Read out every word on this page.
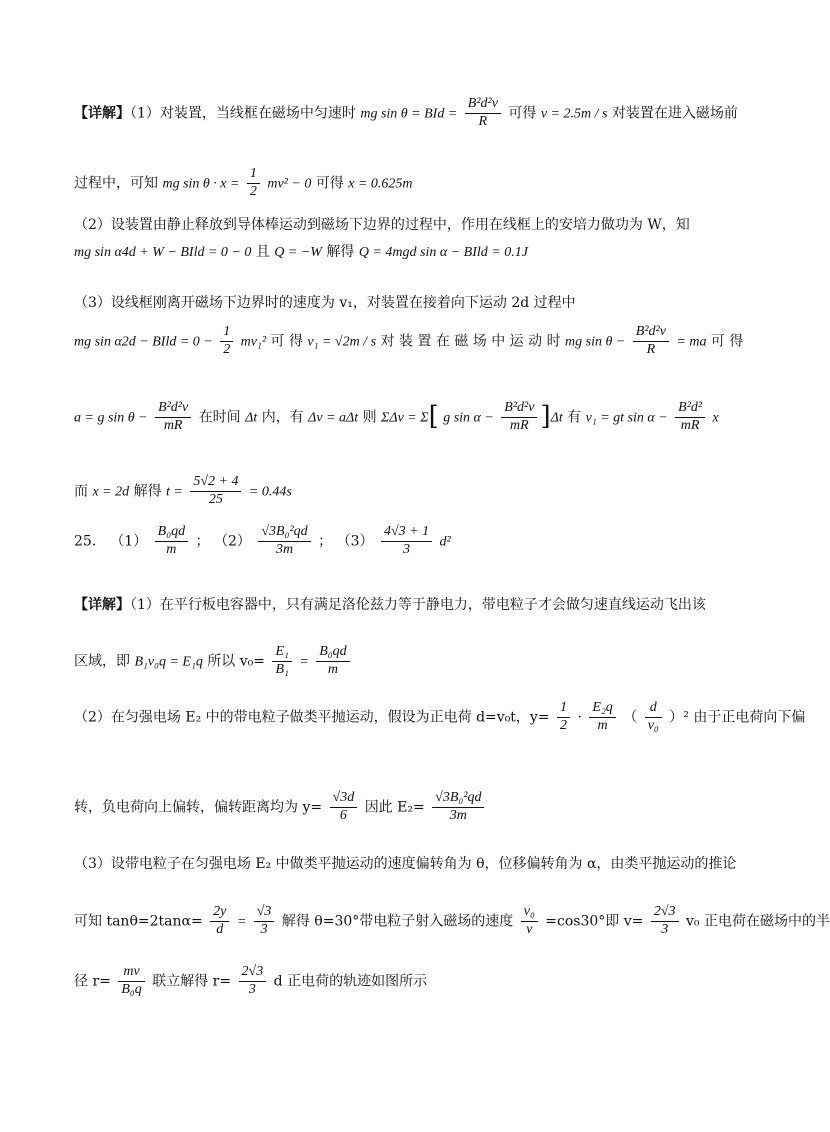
【详解】（1）对装置，当线框在磁场中匀速时 mg sin θ = BId = $\frac{\text{B²d²v}}{R}$ 可得 v = 2.5m / s 对装置在进入磁场前
过程中，可知 mg $\sin \theta \cdot x = \frac{1}{2} mv^2 - 0$ 可得 x = 0.625m
（2）设装置由静止释放到导体棒运动到磁场下边界的过程中，作用在线框上的安培力做功为 W，知
mg sin α4d + W − BIld = 0 − 0 且 Q = −W 解得 Q = 4mgd sin α − BIld = 0.1J
（3）设线框刚离开磁场下边界时的速度为 v₁，对装置在接着向下运动 2d 过程中
mg sin α2d − BIld = $0 - \frac{1}{2} mv_1^2$ 可 得 v₁ = √2m / s 对 装 置 在 磁 场 中 运 动 时 mg $\sin \theta - \frac{\text{B²d²v}}{R}$ = ma 可 得
a = g $\sin \theta - \frac{\text{B²d²v}}{mR}$ 在时间 Δt 内，有 Δv = aΔt 则 ΣΔv = Σ[ g $\sin \alpha - \frac{\text{B²d²v}}{mR} ]\Delta t$ 有 v₁ = gt $\sin \alpha - \frac{\text{B²d²}}{mR}$ x
而 x = 2d 解得 $t = \frac{5√2 + 4}{25} = 0.44s$
25． $(1) \frac{\text{B₀qd}}{m}$ ； $(2) \frac{\text{√3B₀²qd}}{3m}$ ； $(3) \frac{4√3 + 1}{3} d^2$
【详解】（1）在平行板电容器中，只有满足洛伦兹力等于静电力，带电粒子才会做匀速直线运动飞出该
区域，即 B₁v₀q = E₁q 所以 $v_0= \frac{\text{E₁}}{\text{B₁}} = \frac{\text{B₀qd}}{m}$
（2）在匀强电场 E₂ 中的带电粒子做类平抛运动，假设为正电荷 d=v₀t，$y= \frac{1}{2} \cdot \frac{\text{E₂q}}{m}$ （ $\frac{d}{\text{v₀}} )^2$ 由于正电荷向下偏
转，负电荷向上偏转，偏转距离均为 $y= \frac{√3d}{6}$ 因此 $E_2= \frac{\text{√3B₀²qd}}{3m}$
（3）设带电粒子在匀强电场 E₂ 中做类平抛运动的速度偏转角为 θ，位移偏转角为 α，由类平抛运动的推论
可知 $\tan\theta=2\tan\alpha= \frac{2y}{d} = \frac{√3}{3}$ 解得 θ=30°带电粒子射入磁场的速度 $\frac{\text{v₀}}{v} =\cos 30^\circ$即 $v= \frac{2√3}{3} v_0$ 正电荷在磁场中的半
径 $r= \frac{mv}{\text{B₀q}}$ 联立解得 $r= \frac{2√3}{3}$ d 正电荷的轨迹如图所示
